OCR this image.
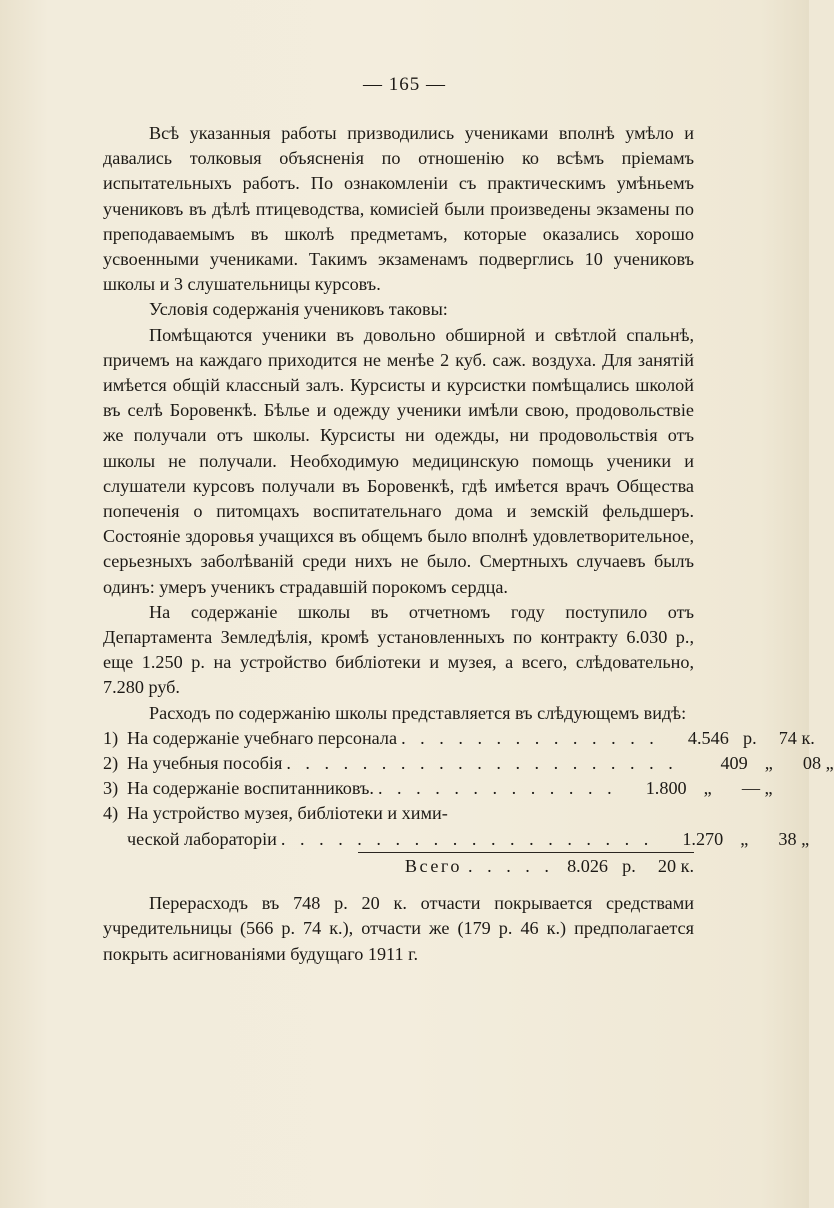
— 165 —

Всѣ указанныя работы призводились учениками вполнѣ умѣло и давались толковыя объясненія по отношенію ко всѣмъ пріемамъ испытательныхъ работъ. По ознакомленіи съ практическимъ умѣньемъ учениковъ въ дѣлѣ птицеводства, комисіей были произведены экзамены по преподаваемымъ въ школѣ предметамъ, которые оказались хорошо усвоенными учениками. Такимъ экзаменамъ подверглись 10 учениковъ школы и 3 слушательницы курсовъ.

Условія содержанія учениковъ таковы:

Помѣщаются ученики въ довольно обширной и свѣтлой спальнѣ, причемъ на каждаго приходится не менѣе 2 куб. саж. воздуха. Для занятій имѣется общій классный залъ. Курсисты и курсистки помѣщались школой въ селѣ Боровенкѣ. Бѣлье и одежду ученики имѣли свою, продовольствіе же получали отъ школы. Курсисты ни одежды, ни продовольствія отъ школы не получали. Необходимую медицинскую помощь ученики и слушатели курсовъ получали въ Боровенкѣ, гдѣ имѣется врачъ Общества попеченія о питомцахъ воспитательнаго дома и земскій фельдшеръ. Состояніе здоровья учащихся въ общемъ было вполнѣ удовлетворительное, серьезныхъ заболѣваній среди нихъ не было. Смертныхъ случаевъ былъ одинъ: умеръ ученикъ страдавшій порокомъ сердца.

На содержаніе школы въ отчетномъ году поступило отъ Департамента Земледѣлія, кромѣ установленныхъ по контракту 6.030 р., еще 1.250 р. на устройство библіотеки и музея, а всего, слѣдовательно, 7.280 руб.

Расходъ по содержанію школы представляется въ слѣдующемъ видѣ:

1) На содержаніе учебнаго персонала . . . . . . . . . . . . . .	4.546 р.	74 к.
2) На учебныя пособія . . . . . . . . . . . . . . . . . . . . .	409 „	08 „
3) На содержаніе воспитанниковъ. . . . . . . . . . . . . .	1.800 „	— „
4) На устройство музея, библіотеки и хими-
ческой лабораторіи . . . . . . . . . . . . . . . . . . . .	1.270 „	38 „
Всего . . . . . 8.026 р.	20 к.

Перерасходъ въ 748 р. 20 к. отчасти покрывается средствами учредительницы (566 р. 74 к.), отчасти же (179 р. 46 к.) предполагается покрыть асигнованіями будущаго 1911 г.
